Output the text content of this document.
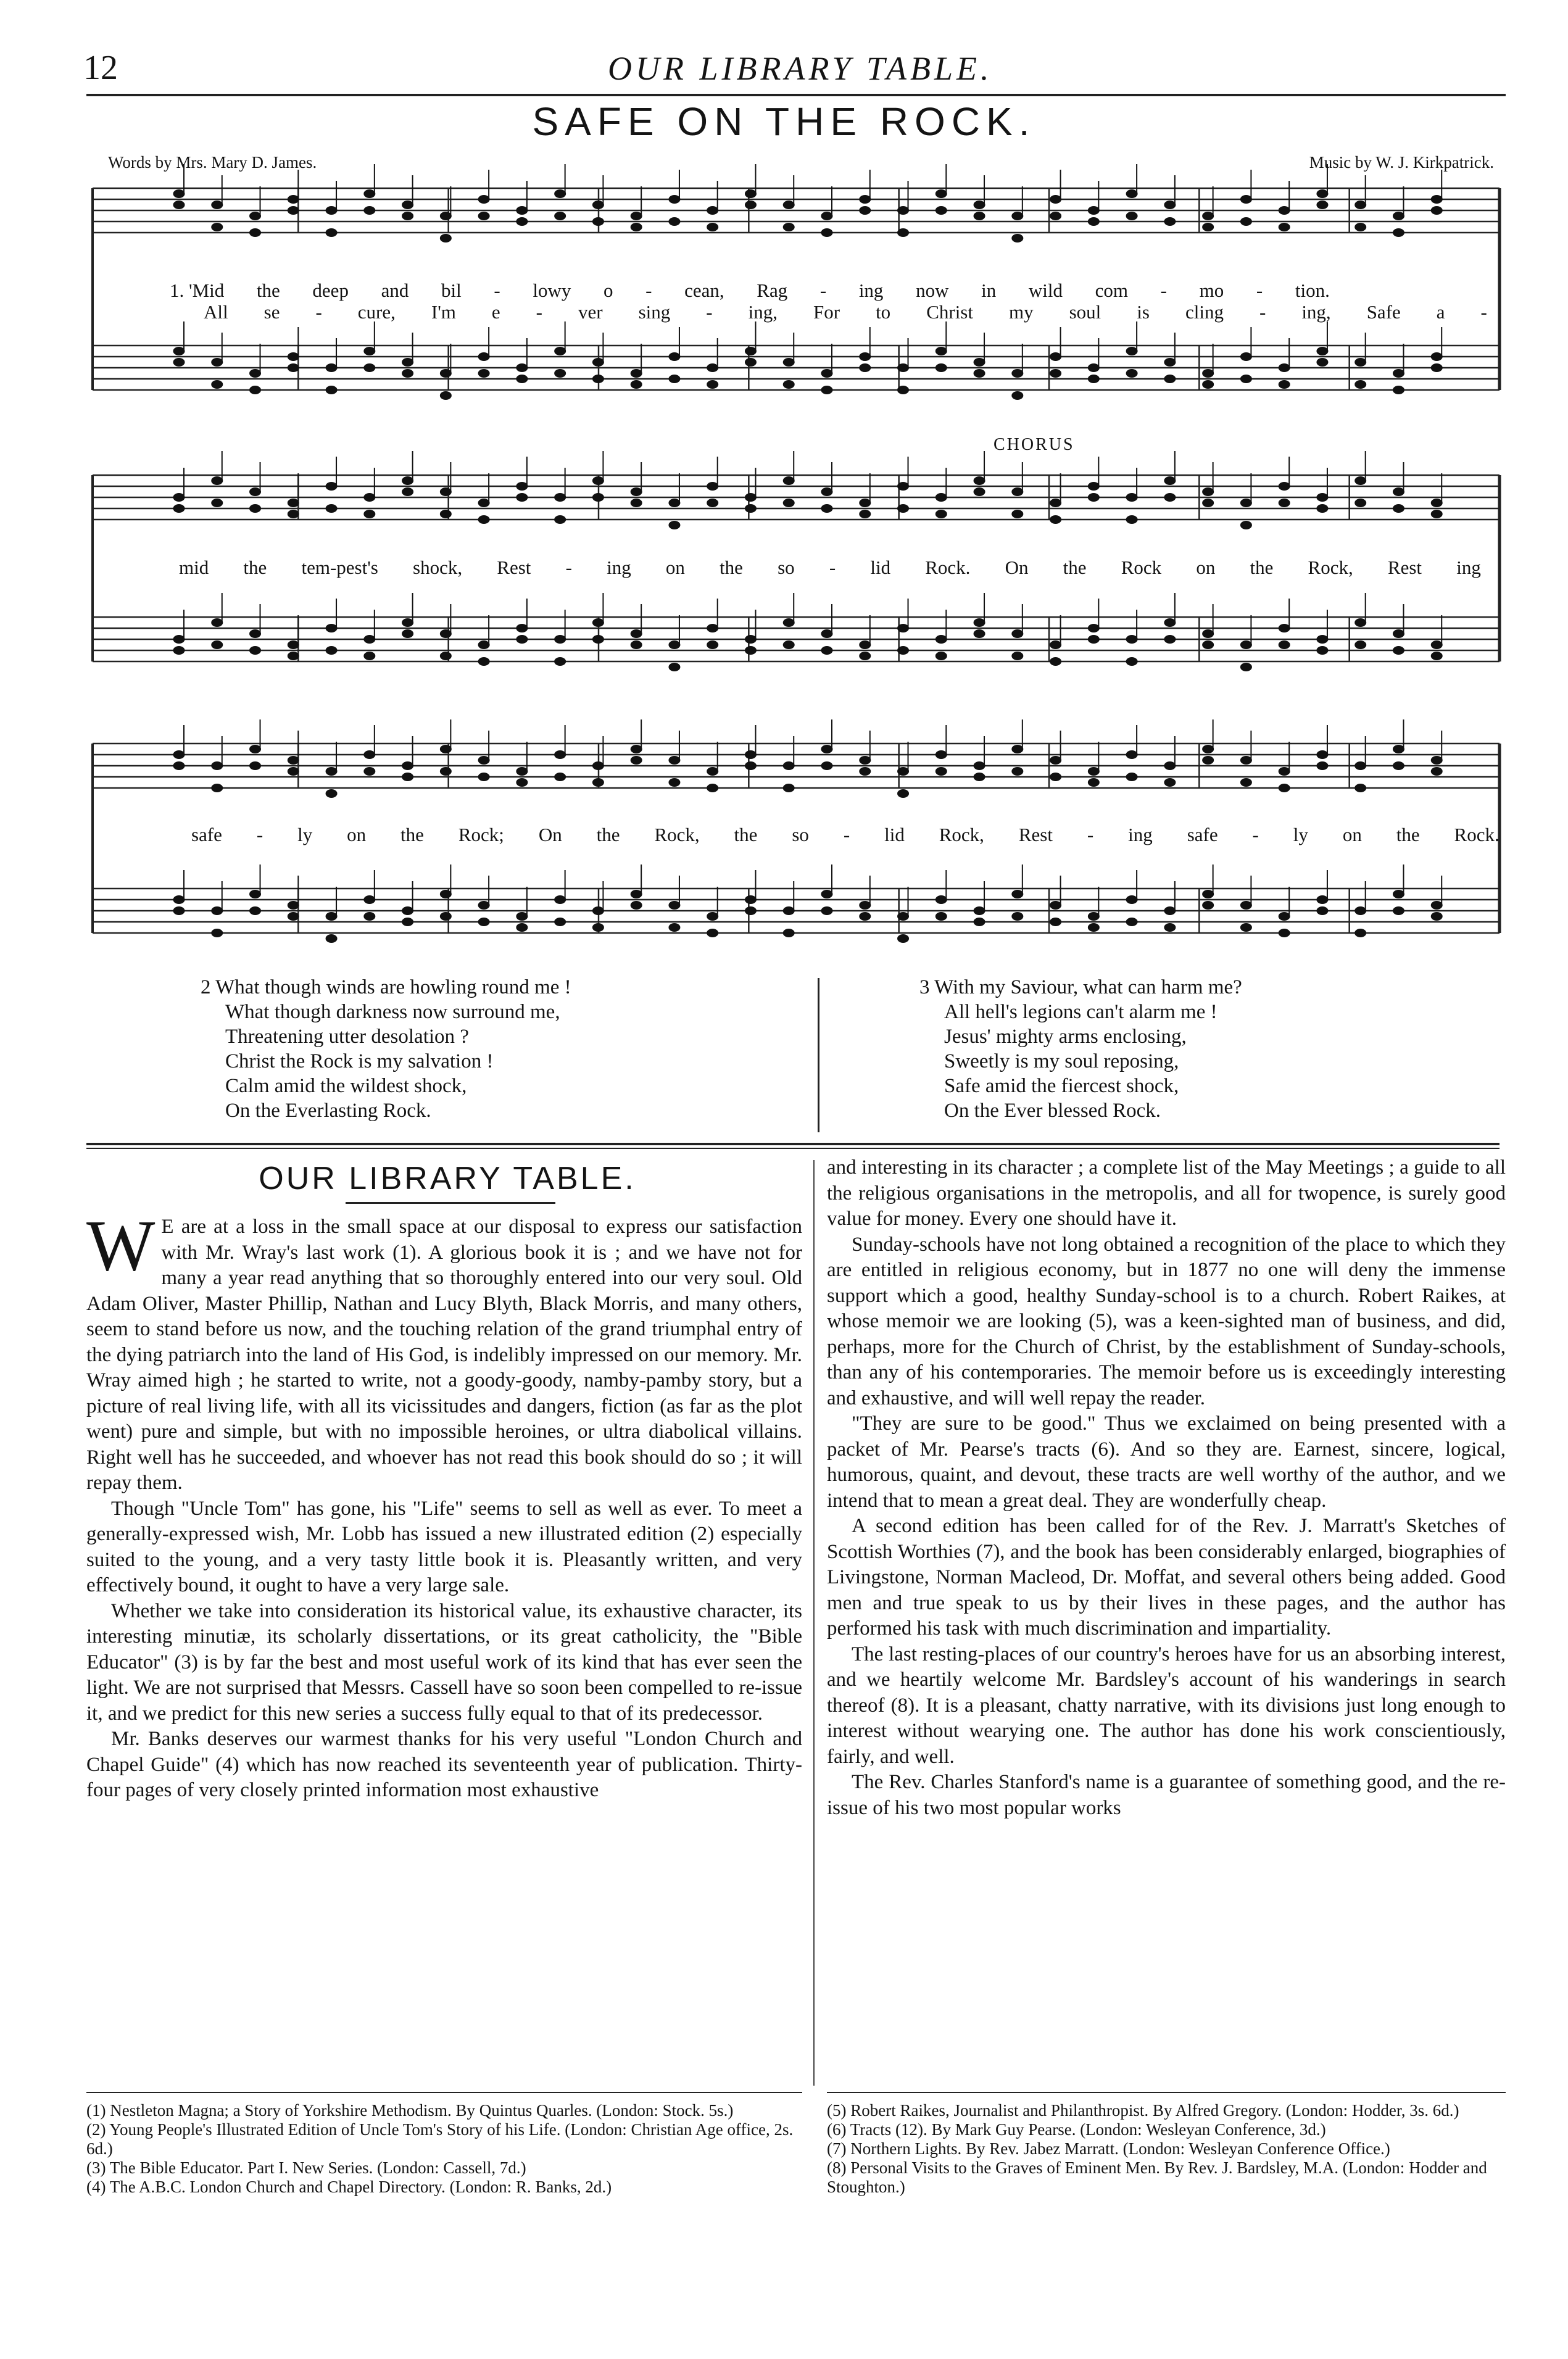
12	OUR LIBRARY TABLE.
SAFE ON THE ROCK.
Words by Mrs. Mary D. James.	Music by W. J. Kirkpatrick.
CHORUS
1. 'Mid the deep and bil - lowy o - cean, Rag - ing now in wild com - mo - tion.
All se - cure, I'm e - ver sing - ing, For to Christ my soul is cling - ing, Safe a -
mid the tem-pest's shock, Rest - ing on the so - lid Rock. On the Rock on the Rock, Rest ing
safe - ly on the Rock; On the Rock, the so - lid Rock, Rest - ing safe - ly on the Rock.
2 What though winds are howling round me !
What though darkness now surround me,
Threatening utter desolation ?
Christ the Rock is my salvation !
Calm amid the wildest shock,
On the Everlasting Rock.
3 With my Saviour, what can harm me?
All hell's legions can't alarm me !
Jesus' mighty arms enclosing,
Sweetly is my soul reposing,
Safe amid the fiercest shock,
On the Ever blessed Rock.
OUR LIBRARY TABLE.

W E are at a loss in the small space at our disposal to express our satisfaction with Mr. Wray's last work (1). A glorious book it is ; and we have not for many a year read anything that so thoroughly entered into our very soul. Old Adam Oliver, Master Phillip, Nathan and Lucy Blyth, Black Morris, and many others, seem to stand before us now, and the touching relation of the grand triumphal entry of the dying patriarch into the land of His God, is indelibly impressed on our memory. Mr. Wray aimed high ; he started to write, not a goody-goody, namby-pamby story, but a picture of real living life, with all its vicissitudes and dangers, fiction (as far as the plot went) pure and simple, but with no impossible heroines, or ultra diabolical villains. Right well has he succeeded, and whoever has not read this book should do so ; it will repay them.

Though "Uncle Tom" has gone, his "Life" seems to sell as well as ever. To meet a generally-expressed wish, Mr. Lobb has issued a new illustrated edition (2) especially suited to the young, and a very tasty little book it is. Pleasantly written, and very effectively bound, it ought to have a very large sale.

Whether we take into consideration its historical value, its exhaustive character, its interesting minutiæ, its scholarly dissertations, or its great catholicity, the "Bible Educator" (3) is by far the best and most useful work of its kind that has ever seen the light. We are not surprised that Messrs. Cassell have so soon been compelled to re-issue it, and we predict for this new series a success fully equal to that of its predecessor.

Mr. Banks deserves our warmest thanks for his very useful "London Church and Chapel Guide" (4) which has now reached its seventeenth year of publication. Thirty-four pages of very closely printed information most exhaustive

and interesting in its character ; a complete list of the May Meetings ; a guide to all the religious organisations in the metropolis, and all for twopence, is surely good value for money. Every one should have it.

Sunday-schools have not long obtained a recognition of the place to which they are entitled in religious economy, but in 1877 no one will deny the immense support which a good, healthy Sunday-school is to a church. Robert Raikes, at whose memoir we are looking (5), was a keen-sighted man of business, and did, perhaps, more for the Church of Christ, by the establishment of Sunday-schools, than any of his contemporaries. The memoir before us is exceedingly interesting and exhaustive, and will well repay the reader.

"They are sure to be good." Thus we exclaimed on being presented with a packet of Mr. Pearse's tracts (6). And so they are. Earnest, sincere, logical, humorous, quaint, and devout, these tracts are well worthy of the author, and we intend that to mean a great deal. They are wonderfully cheap.

A second edition has been called for of the Rev. J. Marratt's Sketches of Scottish Worthies (7), and the book has been considerably enlarged, biographies of Livingstone, Norman Macleod, Dr. Moffat, and several others being added. Good men and true speak to us by their lives in these pages, and the author has performed his task with much discrimination and impartiality.

The last resting-places of our country's heroes have for us an absorbing interest, and we heartily welcome Mr. Bardsley's account of his wanderings in search thereof (8). It is a pleasant, chatty narrative, with its divisions just long enough to interest without wearying one. The author has done his work conscientiously, fairly, and well.

The Rev. Charles Stanford's name is a guarantee of something good, and the re-issue of his two most popular works

(1) Nestleton Magna; a Story of Yorkshire Methodism. By Quintus Quarles. (London: Stock. 5s.)
(2) Young People's Illustrated Edition of Uncle Tom's Story of his Life. (London: Christian Age office, 2s. 6d.)
(3) The Bible Educator. Part I. New Series. (London: Cassell, 7d.)
(4) The A.B.C. London Church and Chapel Directory. (London: R. Banks, 2d.)
(5) Robert Raikes, Journalist and Philanthropist. By Alfred Gregory. (London: Hodder, 3s. 6d.)
(6) Tracts (12). By Mark Guy Pearse. (London: Wesleyan Conference, 3d.)
(7) Northern Lights. By Rev. Jabez Marratt. (London: Wesleyan Conference Office.)
(8) Personal Visits to the Graves of Eminent Men. By Rev. J. Bardsley, M.A. (London: Hodder and Stoughton.)
